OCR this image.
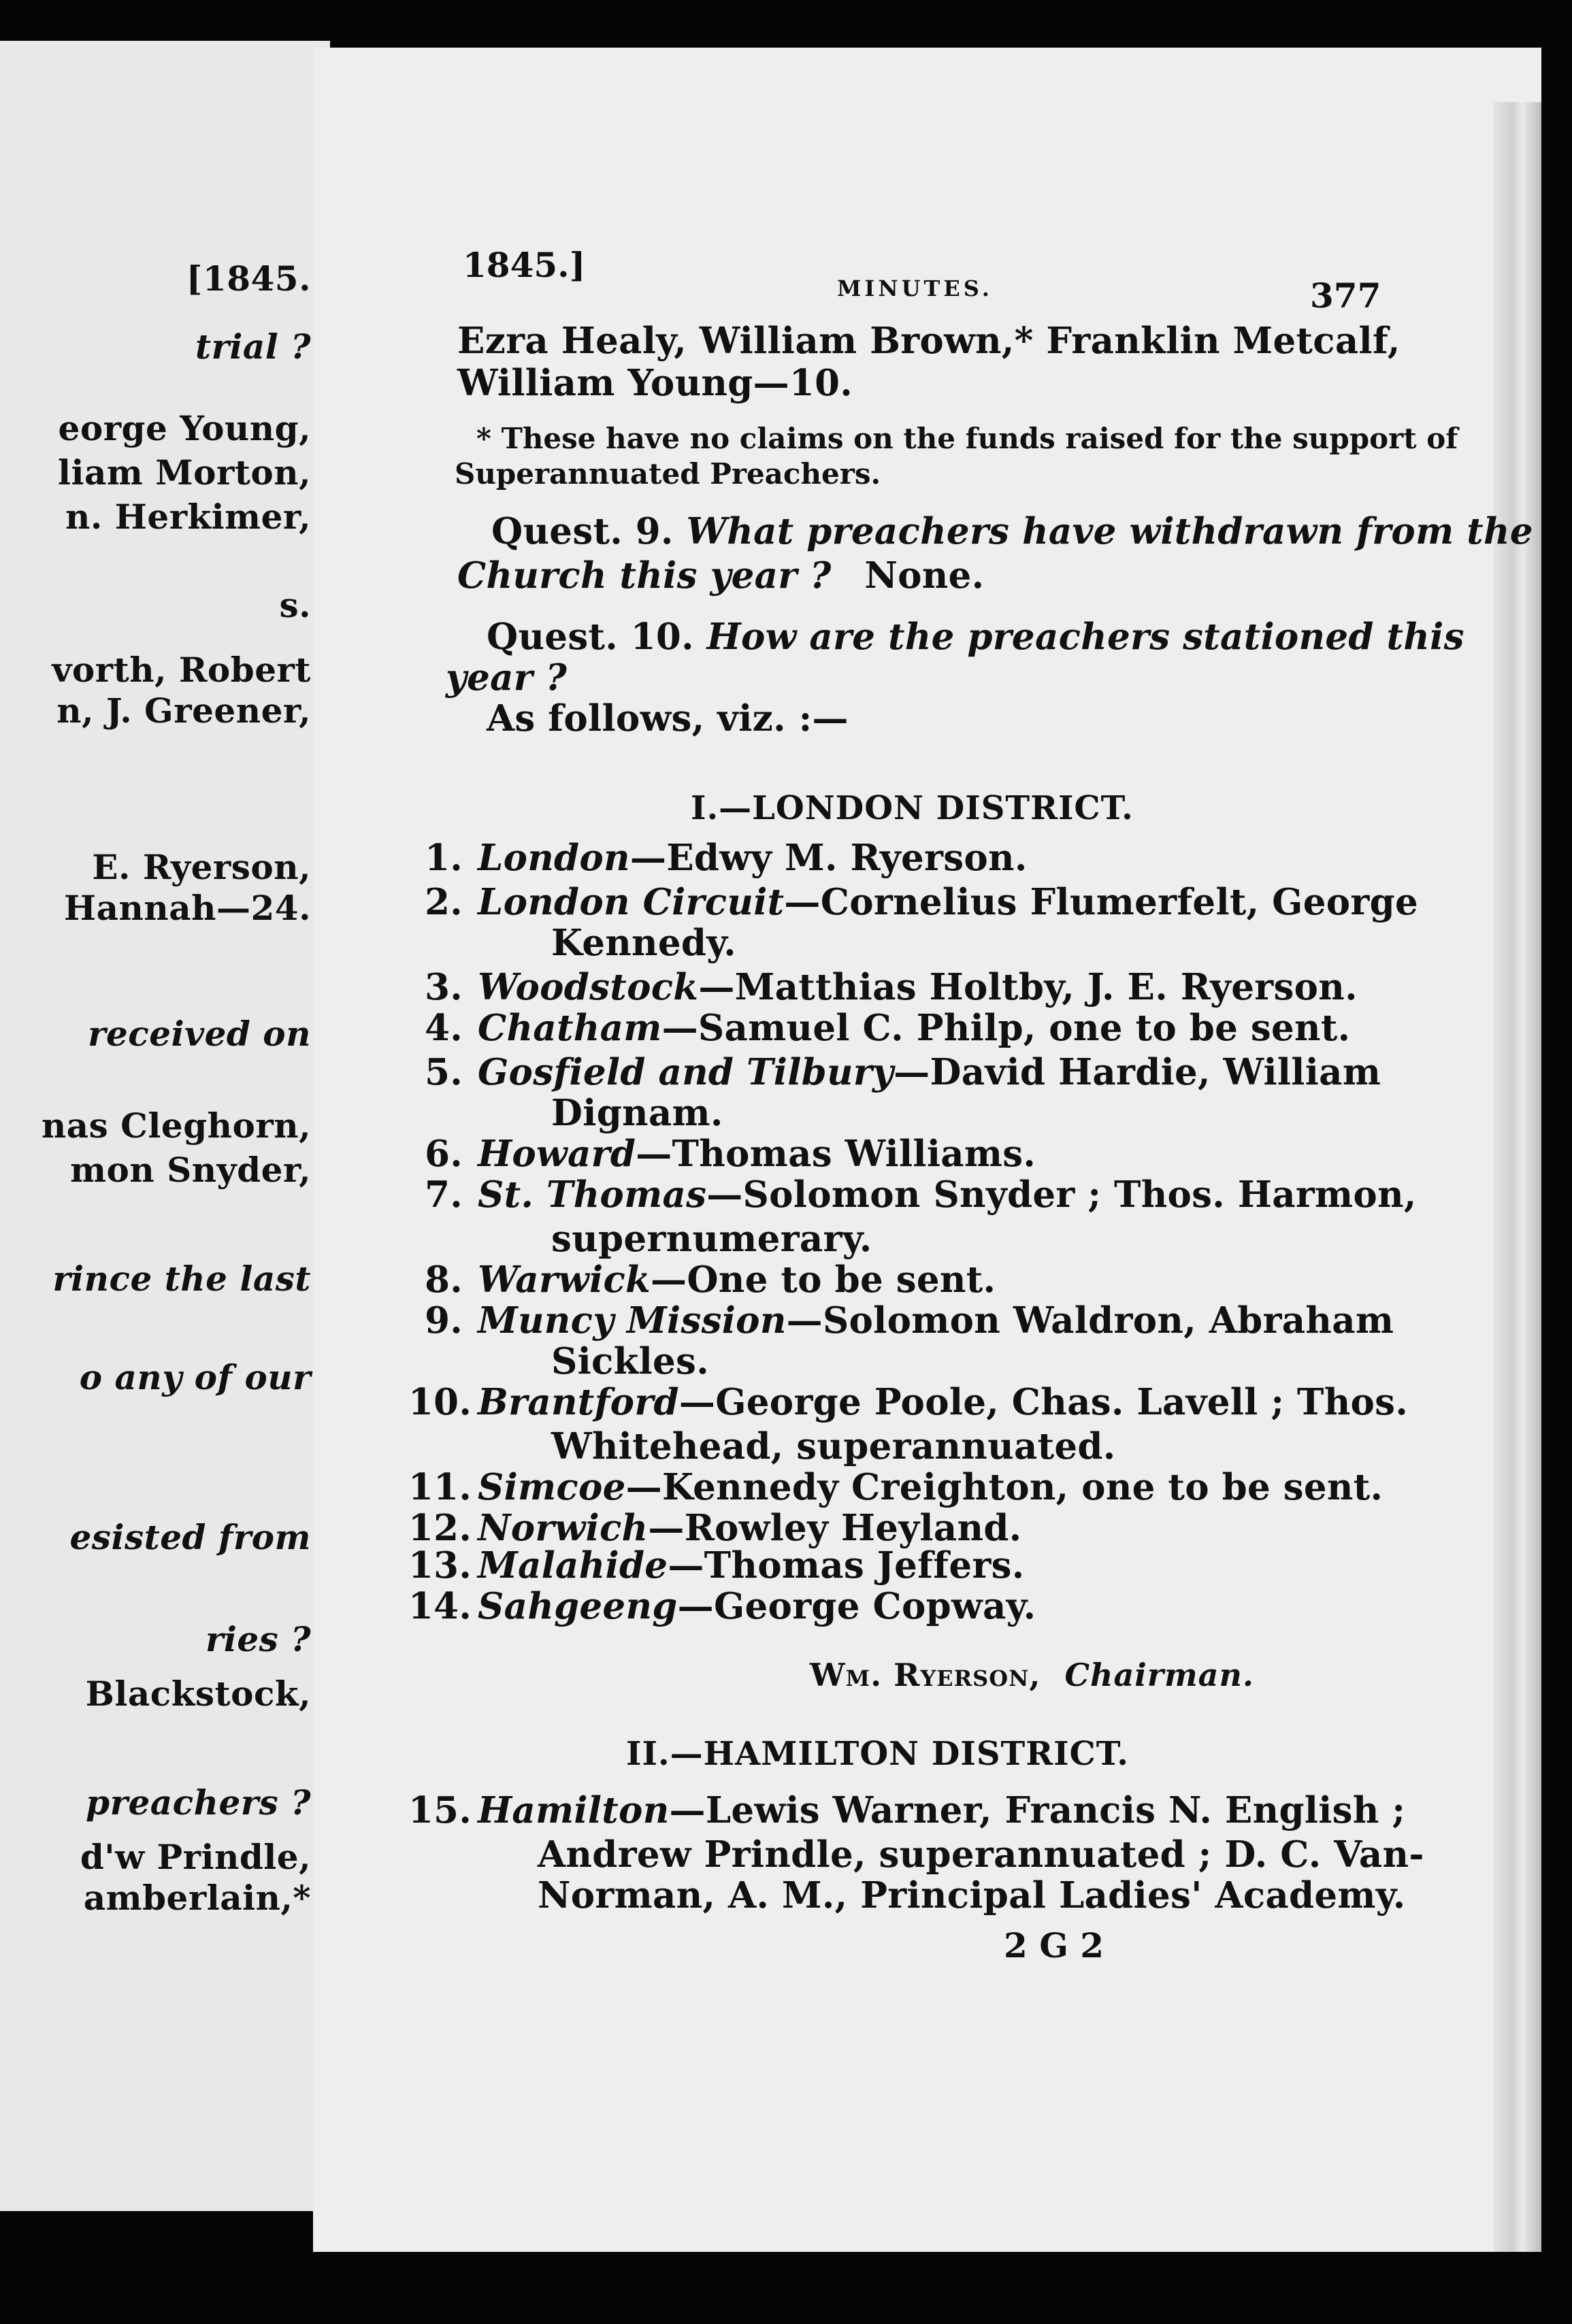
[1845.
trial ?
eorge Young,
liam Morton,
n. Herkimer,
s.
vorth, Robert
n, J. Greener,
E. Ryerson,
Hannah—24.
received on
nas Cleghorn,
mon Snyder,
rince the last
o any of our
esisted from
ries ?
Blackstock,
preachers ?
d'w Prindle,
amberlain,*
1845.]
MINUTES.	377
Ezra Healy, William Brown,* Franklin Metcalf,
William Young—10.
* These have no claims on the funds raised for the support of
Superannuated Preachers.
Quest. 9. What preachers have withdrawn from the
Church this year ? None.
Quest. 10. How are the preachers stationed this
year ?
As follows, viz. :—
I.—LONDON DISTRICT.
1. London—Edwy M. Ryerson.
2. London Circuit—Cornelius Flumerfelt, George
Kennedy.
3. Woodstock—Matthias Holtby, J. E. Ryerson.
4. Chatham—Samuel C. Philp, one to be sent.
5. Gosfield and Tilbury—David Hardie, William
Dignam.
6. Howard—Thomas Williams.
7. St. Thomas—Solomon Snyder ; Thos. Harmon,
supernumerary.
8. Warwick—One to be sent.
9. Muncy Mission—Solomon Waldron, Abraham
Sickles.
10. Brantford—George Poole, Chas. Lavell ; Thos.
Whitehead, superannuated.
11. Simcoe—Kennedy Creighton, one to be sent.
12. Norwich—Rowley Heyland.
13. Malahide—Thomas Jeffers.
14. Sahgeeng—George Copway.
Wm. Ryerson, Chairman.
II.—HAMILTON DISTRICT.
15. Hamilton—Lewis Warner, Francis N. English ;
Andrew Prindle, superannuated ; D. C. Van-
Norman, A. M., Principal Ladies' Academy.
2 G 2
